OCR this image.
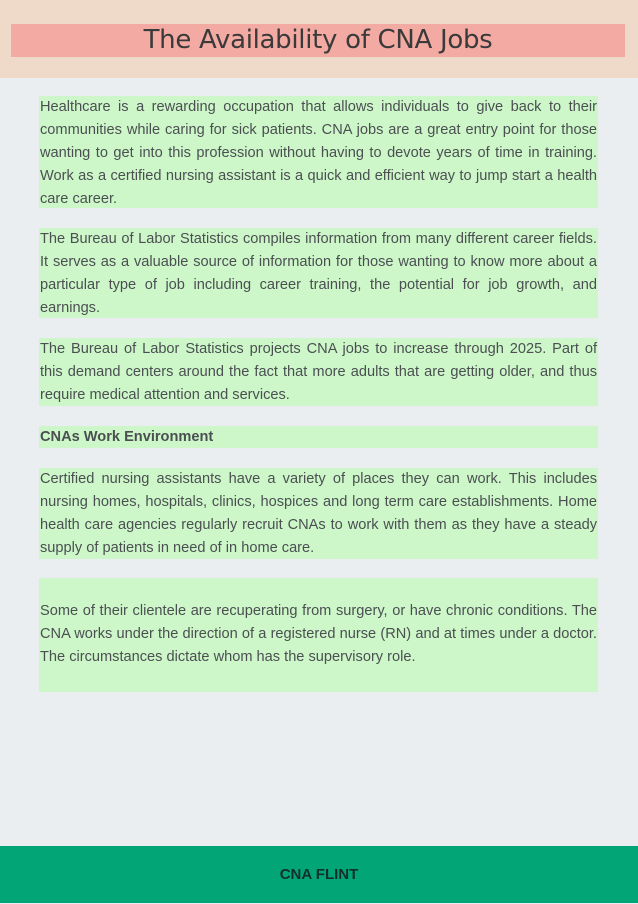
The Availability of CNA Jobs
Healthcare is a rewarding occupation that allows individuals to give back to their communities while caring for sick patients. CNA jobs are a great entry point for those wanting to get into this profession without having to devote years of time in training. Work as a certified nursing assistant is a quick and efficient way to jump start a health care career.
The Bureau of Labor Statistics compiles information from many different career fields. It serves as a valuable source of information for those wanting to know more about a particular type of job including career training, the potential for job growth, and earnings.
The Bureau of Labor Statistics projects CNA jobs to increase through 2025. Part of this demand centers around the fact that more adults that are getting older, and thus require medical attention and services.
CNAs Work Environment
Certified nursing assistants have a variety of places they can work. This includes nursing homes, hospitals, clinics, hospices and long term care establishments. Home health care agencies regularly recruit CNAs to work with them as they have a steady supply of patients in need of in home care.
Some of their clientele are recuperating from surgery, or have chronic conditions. The CNA works under the direction of a registered nurse (RN) and at times under a doctor. The circumstances dictate whom has the supervisory role.
CNA FLINT
